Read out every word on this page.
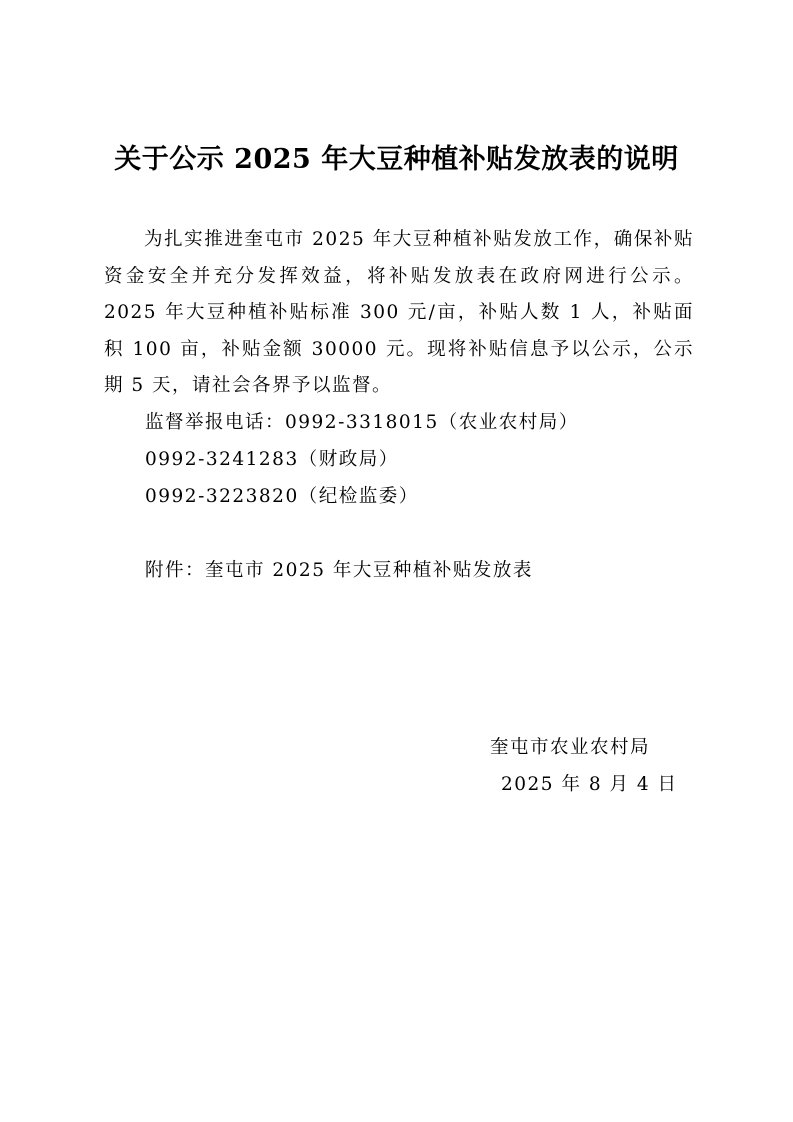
关于公示 2025 年大豆种植补贴发放表的说明
为扎实推进奎屯市 2025 年大豆种植补贴发放工作，确保补贴资金安全并充分发挥效益，将补贴发放表在政府网进行公示。2025 年大豆种植补贴标准 300 元/亩，补贴人数 1 人，补贴面积 100 亩，补贴金额 30000 元。现将补贴信息予以公示，公示期 5 天，请社会各界予以监督。
监督举报电话：0992-3318015（农业农村局）
0992-3241283（财政局）
0992-3223820（纪检监委）
附件：奎屯市 2025 年大豆种植补贴发放表
奎屯市农业农村局
2025 年 8 月 4 日
